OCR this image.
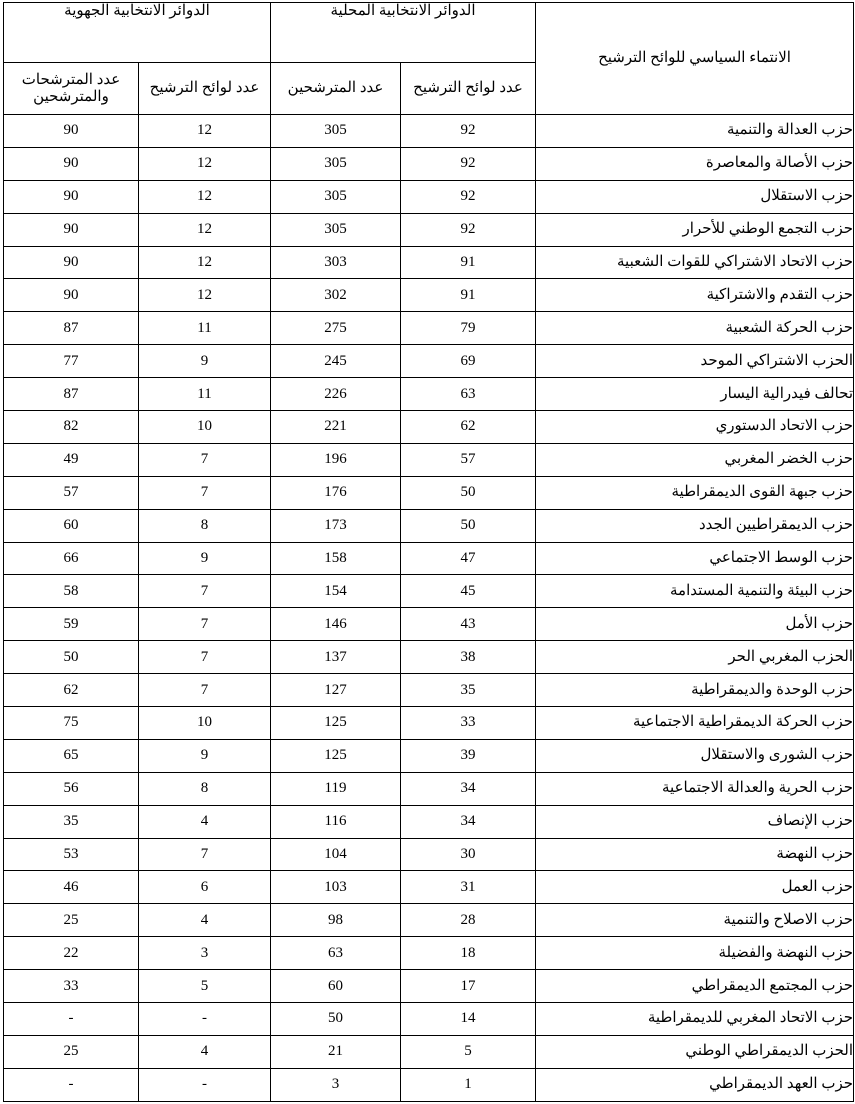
الانتماء السياسي للوائح الترشيح	الدوائر الانتخابية المحلية		الدوائر الانتخابية الجهوية	
	عدد لوائح الترشيح	عدد المترشحين	عدد لوائح الترشيح	عدد المترشحات والمترشحين
حزب العدالة والتنمية	92	305	12	90
حزب الأصالة والمعاصرة	92	305	12	90
حزب الاستقلال	92	305	12	90
حزب التجمع الوطني للأحرار	92	305	12	90
حزب الاتحاد الاشتراكي للقوات الشعبية	91	303	12	90
حزب التقدم والاشتراكية	91	302	12	90
حزب الحركة الشعبية	79	275	11	87
الحزب الاشتراكي الموحد	69	245	9	77
تحالف فيدرالية اليسار	63	226	11	87
حزب الاتحاد الدستوري	62	221	10	82
حزب الخضر المغربي	57	196	7	49
حزب جبهة القوى الديمقراطية	50	176	7	57
حزب الديمقراطيين الجدد	50	173	8	60
حزب الوسط الاجتماعي	47	158	9	66
حزب البيئة والتنمية المستدامة	45	154	7	58
حزب الأمل	43	146	7	59
الحزب المغربي الحر	38	137	7	50
حزب الوحدة والديمقراطية	35	127	7	62
حزب الحركة الديمقراطية الاجتماعية	33	125	10	75
حزب الشورى والاستقلال	39	125	9	65
حزب الحرية والعدالة الاجتماعية	34	119	8	56
حزب الإنصاف	34	116	4	35
حزب النهضة	30	104	7	53
حزب العمل	31	103	6	46
حزب الاصلاح والتنمية	28	98	4	25
حزب النهضة والفضيلة	18	63	3	22
حزب المجتمع الديمقراطي	17	60	5	33
حزب الاتحاد المغربي للديمقراطية	14	50	-	-
الحزب الديمقراطي الوطني	5	21	4	25
حزب العهد الديمقراطي	1	3	-	-
